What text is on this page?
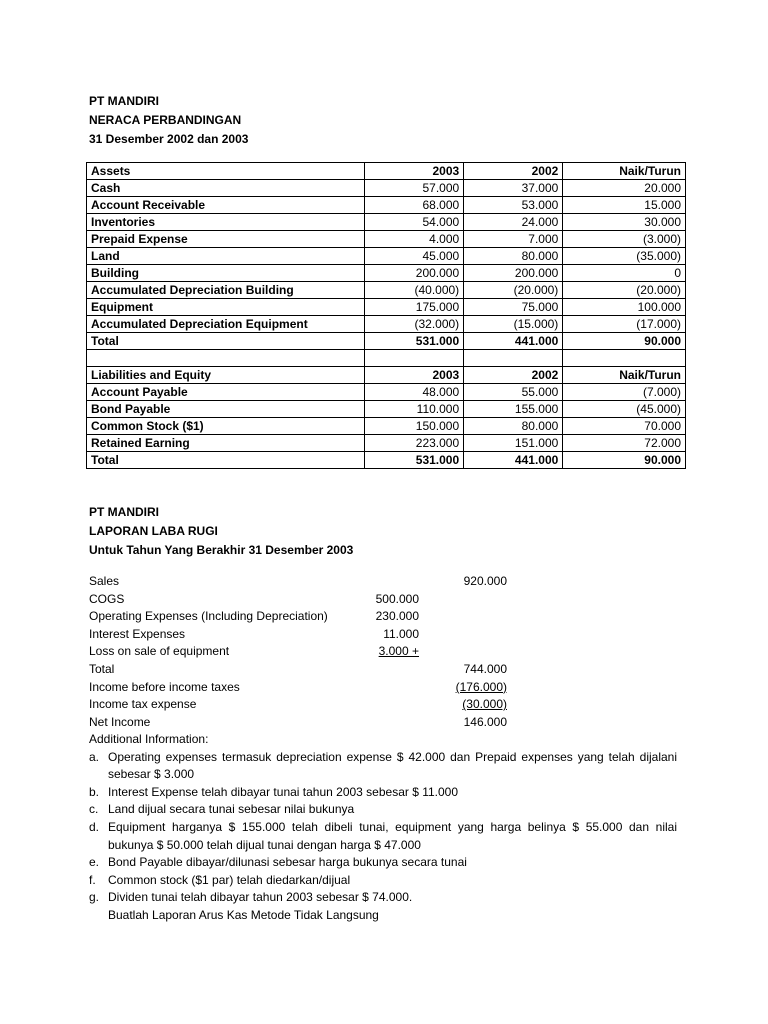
PT MANDIRI
NERACA PERBANDINGAN
31 Desember 2002 dan 2003
Assets	2003	2002	Naik/Turun
Cash	57.000	37.000	20.000
Account Receivable	68.000	53.000	15.000
Inventories	54.000	24.000	30.000
Prepaid Expense	4.000	7.000	(3.000)
Land	45.000	80.000	(35.000)
Building	200.000	200.000	0
Accumulated Depreciation Building	(40.000)	(20.000)	(20.000)
Equipment	175.000	75.000	100.000
Accumulated Depreciation Equipment	(32.000)	(15.000)	(17.000)
Total	531.000	441.000	90.000

Liabilities and Equity	2003	2002	Naik/Turun
Account Payable	48.000	55.000	(7.000)
Bond Payable	110.000	155.000	(45.000)
Common Stock ($1)	150.000	80.000	70.000
Retained Earning	223.000	151.000	72.000
Total	531.000	441.000	90.000
PT MANDIRI
LAPORAN LABA RUGI
Untuk Tahun Yang Berakhir 31 Desember 2003
Sales	920.000
COGS	500.000
Operating Expenses (Including Depreciation)	230.000
Interest Expenses	11.000
Loss on sale of equipment	3.000 +
Total	744.000
Income before income taxes	(176.000)
Income tax expense	(30.000)
Net Income	146.000
Additional Information:
a. Operating expenses termasuk depreciation expense $ 42.000 dan Prepaid expenses yang telah dijalani sebesar $ 3.000
b. Interest Expense telah dibayar tunai tahun 2003 sebesar $ 11.000
c. Land dijual secara tunai sebesar nilai bukunya
d. Equipment harganya $ 155.000 telah dibeli tunai, equipment yang harga belinya $ 55.000 dan nilai bukunya $ 50.000 telah dijual tunai dengan harga $ 47.000
e. Bond Payable dibayar/dilunasi sebesar harga bukunya secara tunai
f.	Common stock ($1 par) telah diedarkan/dijual
g. Dividen tunai telah dibayar tahun 2003 sebesar $ 74.000.
Buatlah Laporan Arus Kas Metode Tidak Langsung
